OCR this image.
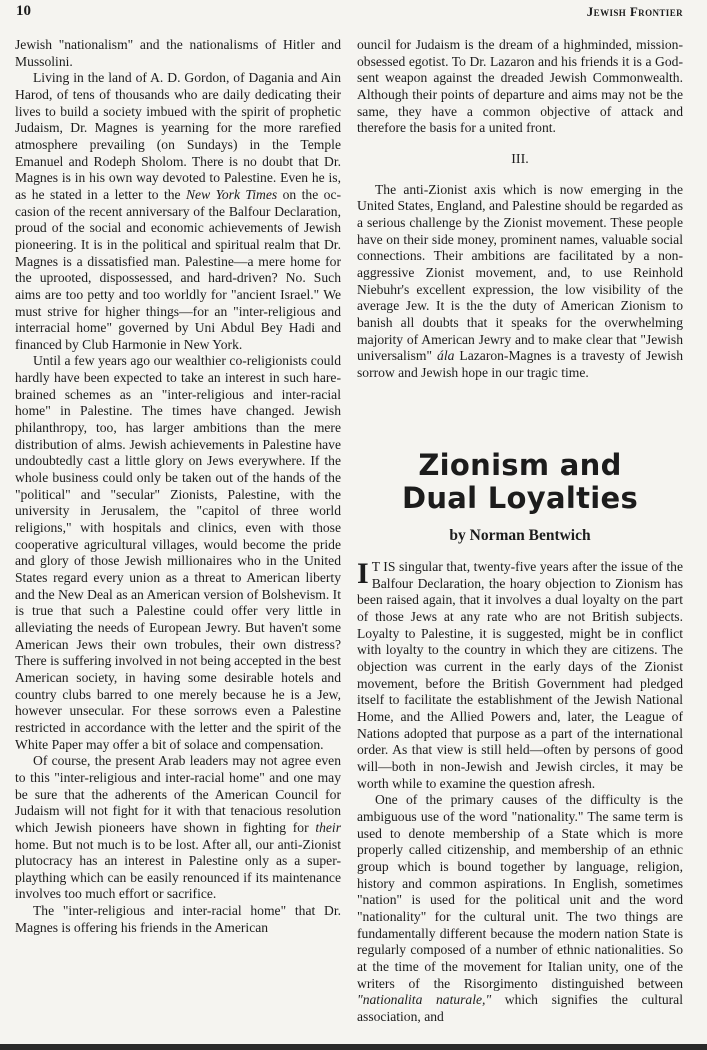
10	Jewish Frontier

Jewish "nationalism" and the nationalisms of Hitler and Mussolini.

Living in the land of A. D. Gordon, of Dagania and Ain Harod, of tens of thousands who are daily dedicating their lives to build a society imbued with the spirit of prophetic Judaism, Dr. Magnes is yearning for the more rarefied atmosphere prevailing (on Sundays) in the Temple Emanuel and Rodeph Sholom. There is no doubt that Dr. Magnes is in his own way devoted to Palestine. Even he is, as he stated in a letter to the New York Times on the occasion of the recent anniversary of the Balfour Declaration, proud of the social and economic achievements of Jewish pioneering. It is in the political and spiritual realm that Dr. Magnes is a dissatisfied man. Palestine—a mere home for the uprooted, dispossessed, and hard-driven? No. Such aims are too petty and too worldly for "ancient Israel." We must strive for higher things—for an "inter-religious and interracial home" governed by Uni Abdul Bey Hadi and financed by Club Harmonie in New York.

Until a few years ago our wealthier co-religionists could hardly have been expected to take an interest in such hare-brained schemes as an "inter-religious and inter-racial home" in Palestine. The times have changed. Jewish philanthropy, too, has larger ambitions than the mere distribution of alms. Jewish achievements in Palestine have undoubtedly cast a little glory on Jews everywhere. If the whole business could only be taken out of the hands of the "political" and "secular" Zionists, Palestine, with the university in Jerusalem, the "capitol of three world religions," with hospitals and clinics, even with those cooperative agricultural villages, would become the pride and glory of those Jewish millionaires who in the United States regard every union as a threat to American liberty and the New Deal as an American version of Bolshevism. It is true that such a Palestine could offer very little in alleviating the needs of European Jewry. But haven't some American Jews their own trobules, their own distress? There is suffering involved in not being accepted in the best American society, in having some desirable hotels and country clubs barred to one merely because he is a Jew, however unsecular. For these sorrows even a Palestine restricted in accordance with the letter and the spirit of the White Paper may offer a bit of solace and compensation.

Of course, the present Arab leaders may not agree even to this "inter-religious and inter-racial home" and one may be sure that the adherents of the American Council for Judaism will not fight for it with that tenacious resolution which Jewish pioneers have shown in fighting for their home. But not much is to be lost. After all, our anti-Zionist plutocracy has an interest in Palestine only as a super-plaything which can be easily renounced if its maintenance involves too much effort or sacrifice.

The "inter-religious and inter-racial home" that Dr. Magnes is offering his friends in the American

ouncil for Judaism is the dream of a highminded, mission-obsessed egotist. To Dr. Lazaron and his friends it is a God-sent weapon against the dreaded Jewish Commonwealth. Although their points of departure and aims may not be the same, they have a common objective of attack and therefore the basis for a united front.

III.

The anti-Zionist axis which is now emerging in the United States, England, and Palestine should be regarded as a serious challenge by the Zionist movement. These people have on their side money, prominent names, valuable social connections. Their ambitions are facilitated by a non-aggressive Zionist movement, and, to use Reinhold Niebuhr's excellent expression, the low visibility of the average Jew. It is the the duty of American Zionism to banish all doubts that it speaks for the overwhelming majority of American Jewry and to make clear that "Jewish universalism" ála Lazaron-Magnes is a travesty of Jewish sorrow and Jewish hope in our tragic time.

Zionism and
Dual Loyalties
by Norman Bentwich

I T IS singular that, twenty-five years after the issue of the Balfour Declaration, the hoary objection to Zionism has been raised again, that it involves a dual loyalty on the part of those Jews at any rate who are not British subjects. Loyalty to Palestine, it is suggested, might be in conflict with loyalty to the country in which they are citizens. The objection was current in the early days of the Zionist movement, before the British Government had pledged itself to facilitate the establishment of the Jewish National Home, and the Allied Powers and, later, the League of Nations adopted that purpose as a part of the international order. As that view is still held—often by persons of good will—both in non-Jewish and Jewish circles, it may be worth while to examine the question afresh.

One of the primary causes of the difficulty is the ambiguous use of the word "nationality." The same term is used to denote membership of a State which is more properly called citizenship, and membership of an ethnic group which is bound together by language, religion, history and common aspirations. In English, sometimes "nation" is used for the political unit and the word "nationality" for the cultural unit. The two things are fundamentally different because the modern nation State is regularly composed of a number of ethnic nationalities. So at the time of the movement for Italian unity, one of the writers of the Risorgimento distinguished between "nationalita naturale," which signifies the cultural association, and
